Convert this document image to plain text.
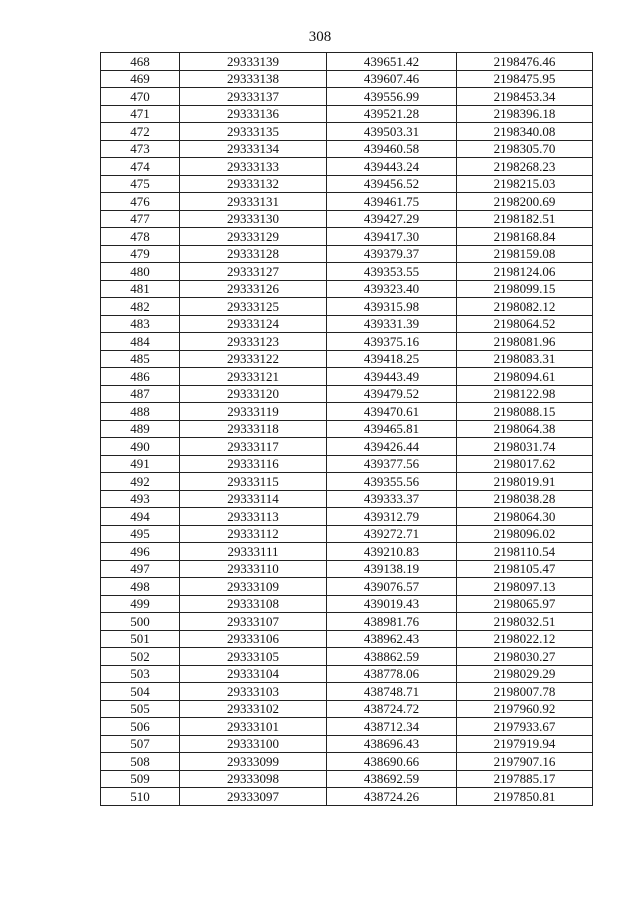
308
468	29333139	439651.42	2198476.46
469	29333138	439607.46	2198475.95
470	29333137	439556.99	2198453.34
471	29333136	439521.28	2198396.18
472	29333135	439503.31	2198340.08
473	29333134	439460.58	2198305.70
474	29333133	439443.24	2198268.23
475	29333132	439456.52	2198215.03
476	29333131	439461.75	2198200.69
477	29333130	439427.29	2198182.51
478	29333129	439417.30	2198168.84
479	29333128	439379.37	2198159.08
480	29333127	439353.55	2198124.06
481	29333126	439323.40	2198099.15
482	29333125	439315.98	2198082.12
483	29333124	439331.39	2198064.52
484	29333123	439375.16	2198081.96
485	29333122	439418.25	2198083.31
486	29333121	439443.49	2198094.61
487	29333120	439479.52	2198122.98
488	29333119	439470.61	2198088.15
489	29333118	439465.81	2198064.38
490	29333117	439426.44	2198031.74
491	29333116	439377.56	2198017.62
492	29333115	439355.56	2198019.91
493	29333114	439333.37	2198038.28
494	29333113	439312.79	2198064.30
495	29333112	439272.71	2198096.02
496	29333111	439210.83	2198110.54
497	29333110	439138.19	2198105.47
498	29333109	439076.57	2198097.13
499	29333108	439019.43	2198065.97
500	29333107	438981.76	2198032.51
501	29333106	438962.43	2198022.12
502	29333105	438862.59	2198030.27
503	29333104	438778.06	2198029.29
504	29333103	438748.71	2198007.78
505	29333102	438724.72	2197960.92
506	29333101	438712.34	2197933.67
507	29333100	438696.43	2197919.94
508	29333099	438690.66	2197907.16
509	29333098	438692.59	2197885.17
510	29333097	438724.26	2197850.81
